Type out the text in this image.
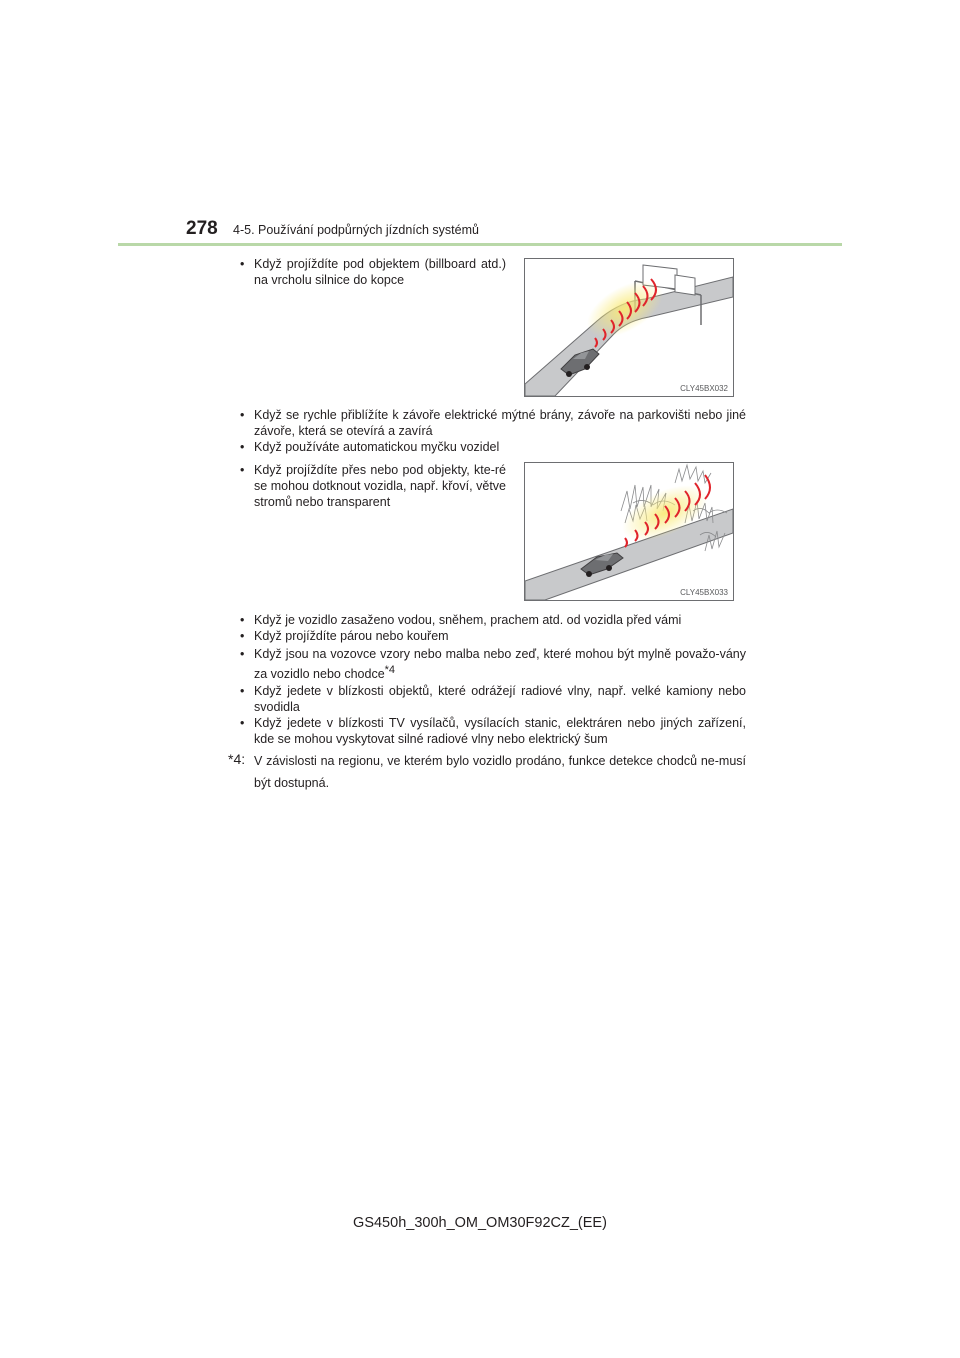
278 4-5. Používání podpůrných jízdních systémů
• Když projíždíte pod objektem (billboard atd.) na vrcholu silnice do kopce
CLY45BX032
• Když se rychle přiblížíte k závoře elektrické mýtné brány, závoře na parkovišti nebo jiné závoře, která se otevírá a zavírá
• Když používáte automatickou myčku vozidel
• Když projíždíte přes nebo pod objekty, kte-ré se mohou dotknout vozidla, např. křoví, větve stromů nebo transparent
CLY45BX033
• Když je vozidlo zasaženo vodou, sněhem, prachem atd. od vozidla před vámi
• Když projíždíte párou nebo kouřem
• Když jsou na vozovce vzory nebo malba nebo zeď, které mohou být mylně považo-vány za vozidlo nebo chodce$^{*4}$
• Když jedete v blízkosti objektů, které odrážejí radiové vlny, např. velké kamiony nebo svodidla
• Když jedete v blízkosti TV vysílačů, vysílacích stanic, elektráren nebo jiných zařízení, kde se mohou vyskytovat silné radiové vlny nebo elektrický šum
*4: V závislosti na regionu, ve kterém bylo vozidlo prodáno, funkce detekce chodců ne-musí být dostupná.
GS450h_300h_OM_OM30F92CZ_(EE)
